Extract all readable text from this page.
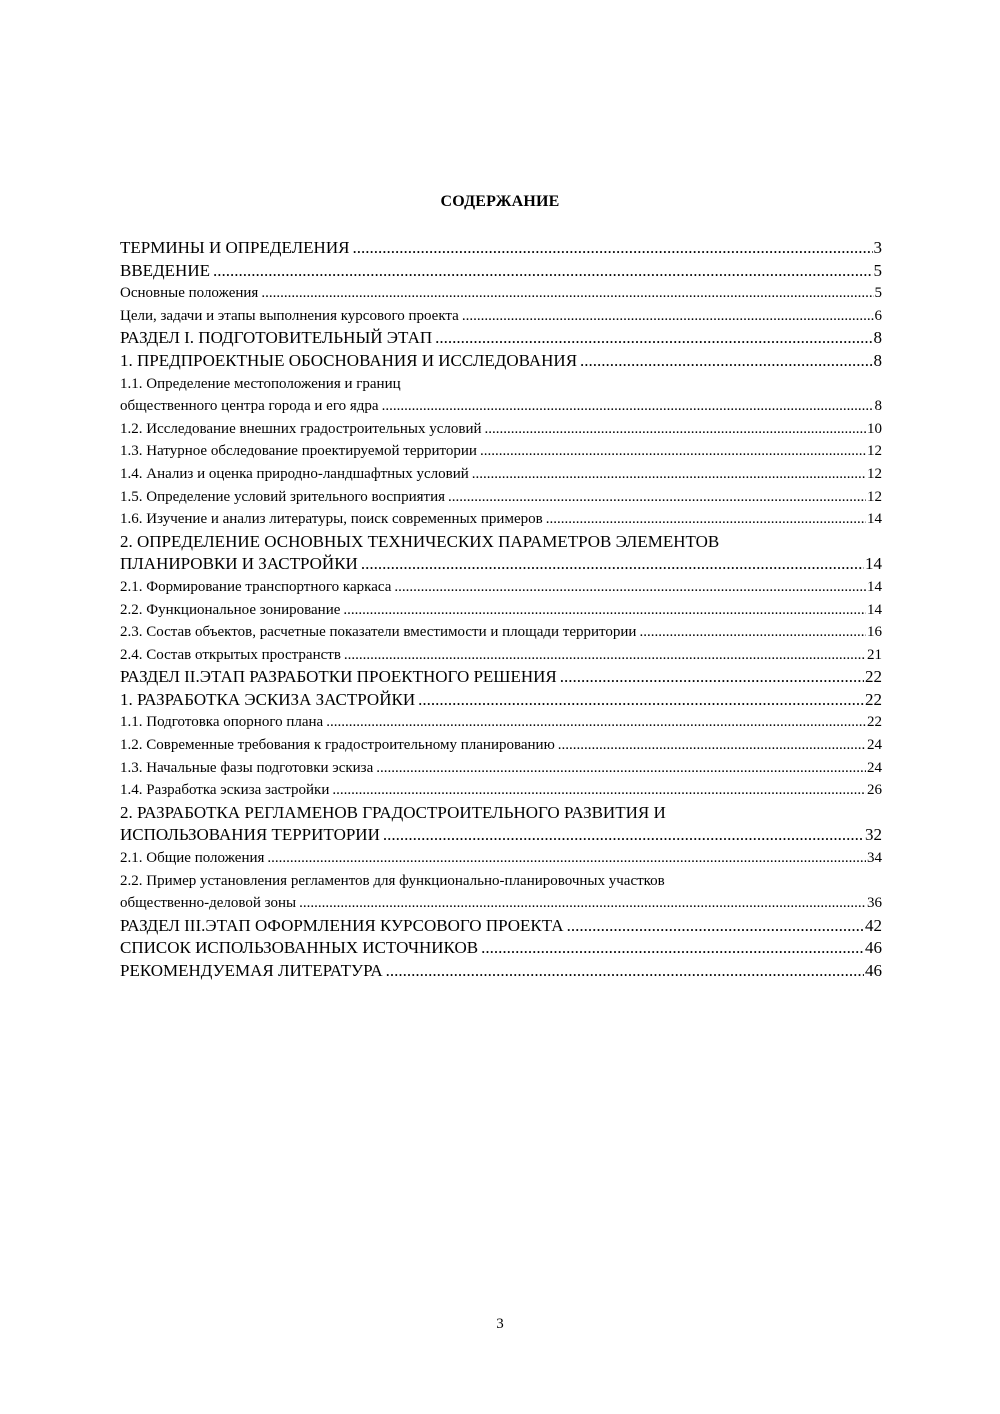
СОДЕРЖАНИЕ
ТЕРМИНЫ И ОПРЕДЕЛЕНИЯ .....	3
ВВЕДЕНИЕ .....	5
Основные положения .....	5
Цели, задачи и этапы выполнения курсового проекта .....	6
РАЗДЕЛ I. ПОДГОТОВИТЕЛЬНЫЙ ЭТАП .....	8
1. ПРЕДПРОЕКТНЫЕ ОБОСНОВАНИЯ И ИССЛЕДОВАНИЯ .....	8
1.1. Определение местоположения и границ
общественного центра города и его ядра .....	8
1.2. Исследование внешних градостроительных условий .....	10
1.3. Натурное обследование проектируемой территории .....	12
1.4. Анализ и оценка природно-ландшафтных условий .....	12
1.5. Определение условий зрительного восприятия .....	12
1.6. Изучение и анализ литературы, поиск современных примеров .....	14
2. ОПРЕДЕЛЕНИЕ ОСНОВНЫХ ТЕХНИЧЕСКИХ ПАРАМЕТРОВ ЭЛЕМЕНТОВ
ПЛАНИРОВКИ И ЗАСТРОЙКИ .....	14
2.1. Формирование транспортного каркаса .....	14
2.2. Функциональное зонирование .....	14
2.3. Состав объектов, расчетные показатели вместимости и площади территории .....	16
2.4. Состав открытых пространств .....	21
РАЗДЕЛ II.ЭТАП РАЗРАБОТКИ ПРОЕКТНОГО РЕШЕНИЯ .....	22
1. РАЗРАБОТКА ЭСКИЗА ЗАСТРОЙКИ .....	22
1.1. Подготовка опорного плана .....	22
1.2. Современные требования к градостроительному планированию .....	24
1.3. Начальные фазы подготовки эскиза .....	24
1.4. Разработка эскиза застройки .....	26
2. РАЗРАБОТКА РЕГЛАМЕНОВ ГРАДОСТРОИТЕЛЬНОГО РАЗВИТИЯ И
ИСПОЛЬЗОВАНИЯ ТЕРРИТОРИИ .....	32
2.1. Общие положения .....	34
2.2. Пример установления регламентов для функционально-планировочных участков
общественно-деловой зоны .....	36
РАЗДЕЛ III.ЭТАП ОФОРМЛЕНИЯ КУРСОВОГО ПРОЕКТА .....	42
СПИСОК ИСПОЛЬЗОВАННЫХ ИСТОЧНИКОВ .....	46
РЕКОМЕНДУЕМАЯ ЛИТЕРАТУРА .....	46
3
